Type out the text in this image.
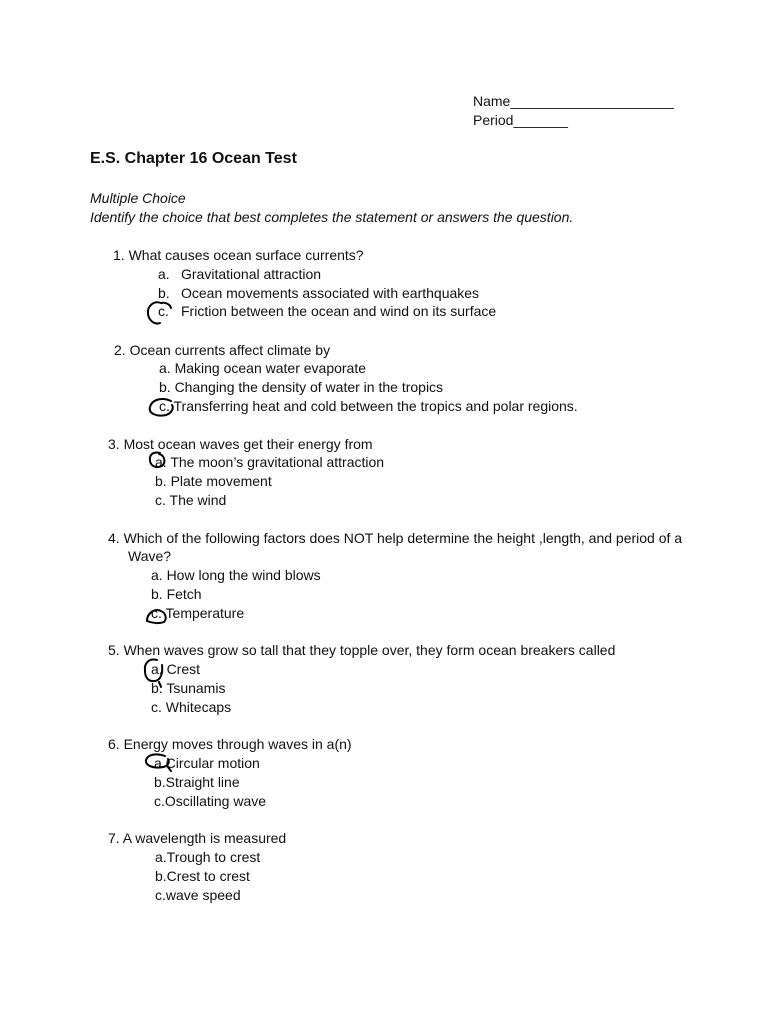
Name_____________________
Period_______
E.S. Chapter 16 Ocean Test
Multiple Choice
Identify the choice that best completes the statement or answers the question.
1. What causes ocean surface currents?
a. Gravitational attraction
b. Ocean movements associated with earthquakes
c. Friction between the ocean and wind on its surface
2. Ocean currents affect climate by
a. Making ocean water evaporate
b. Changing the density of water in the tropics
c. Transferring heat and cold between the tropics and polar regions.
3. Most ocean waves get their energy from
a. The moon’s gravitational attraction
b. Plate movement
c. The wind
4. Which of the following factors does NOT help determine the height ,length, and period of a
Wave?
a. How long the wind blows
b. Fetch
c. Temperature
5. When waves grow so tall that they topple over, they form ocean breakers called
a. Crest
b. Tsunamis
c. Whitecaps
6. Energy moves through waves in a(n)
a.Circular motion
b.Straight line
c.Oscillating wave
7. A wavelength is measured
a.Trough to crest
b.Crest to crest
c.wave speed
